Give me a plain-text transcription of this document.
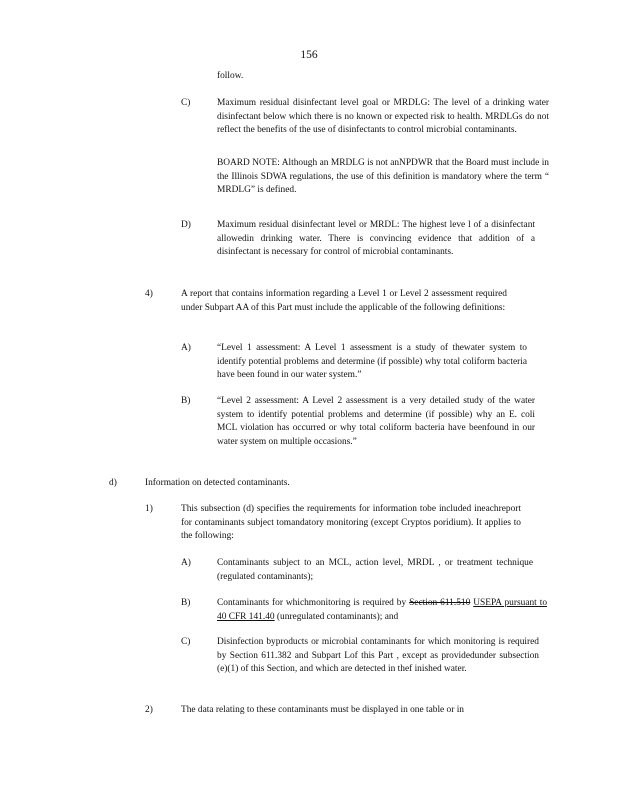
156
follow.
C)	Maximum residual disinfectant level goal or MRDLG: The level of a drinking water disinfectant below which there is no known or expected risk to health. MRDLGs do not reflect the benefits of the use of disinfectants to control microbial contaminants.
BOARD NOTE: Although an MRDLG is not anNPDWR that the Board must include in the Illinois SDWA regulations, the use of this definition is mandatory where the term “ MRDLG” is defined.
D)	Maximum residual disinfectant level or MRDL: The highest leve l of a disinfectant allowedin drinking water. There is convincing evidence that addition of a disinfectant is necessary for control of microbial contaminants.
4)	A report that contains information regarding a Level 1 or Level 2 assessment required under Subpart AA of this Part must include the applicable of the following definitions:
A)	“Level 1 assessment: A Level 1 assessment is a study of thewater system to identify potential problems and determine (if possible) why total coliform bacteria have been found in our water system.”
B)	“Level 2 assessment: A Level 2 assessment is a very detailed study of the water system to identify potential problems and determine (if possible) why an E. coli MCL violation has occurred or why total coliform bacteria have beenfound in our water system on multiple occasions.”
d)	Information on detected contaminants.
1)	This subsection (d) specifies the requirements for information tobe included ineachreport for contaminants subject tomandatory monitoring (except Cryptos poridium). It applies to the following:
A)	Contaminants subject to an MCL, action level, MRDL , or treatment technique (regulated contaminants);
B)	Contaminants for whichmonitoring is required by Section 611.510 USEPA pursuant to 40 CFR 141.40 (unregulated contaminants); and
C)	Disinfection byproducts or microbial contaminants for which monitoring is required by Section 611.382 and Subpart Lof this Part , except as providedunder subsection (e)(1) of this Section, and which are detected in thef inished water.
2)	The data relating to these contaminants must be displayed in one table or in
